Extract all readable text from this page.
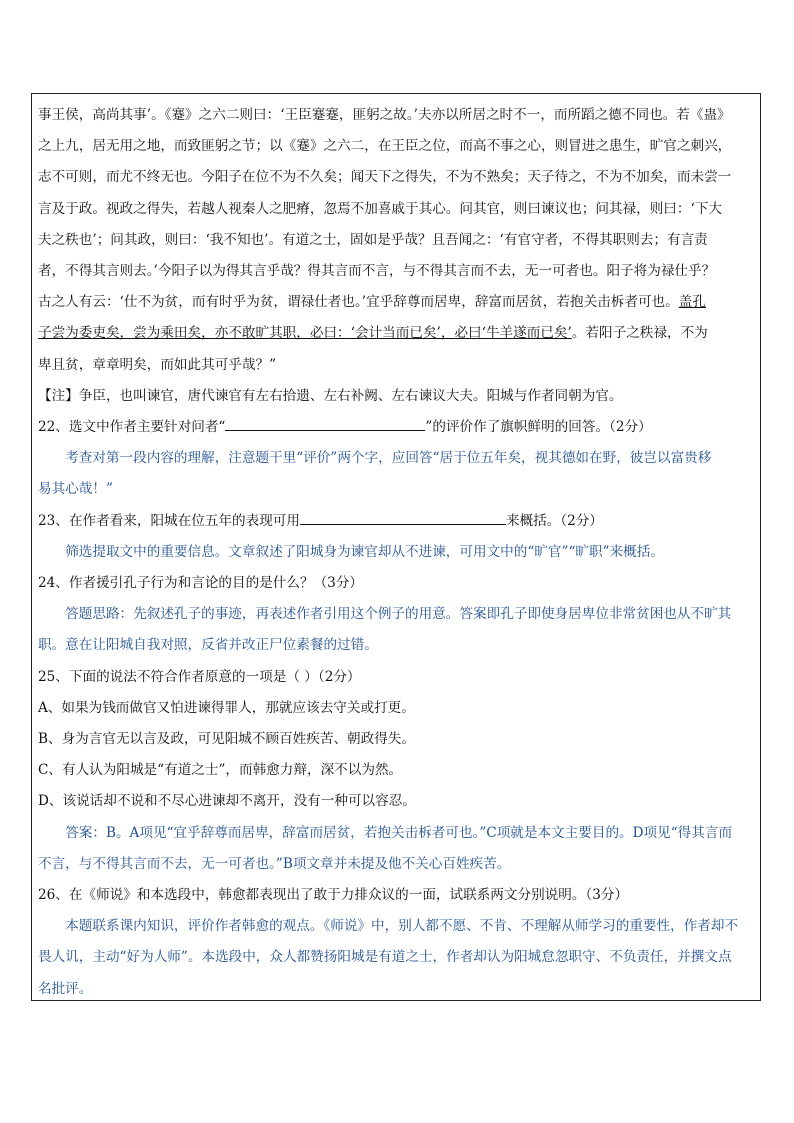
事王侯，高尚其事’。《蹇》之六二则曰：‘王臣蹇蹇，匪躬之故。’夫亦以所居之时不一，而所蹈之德不同也。若《蛊》

之上九，居无用之地，而致匪躬之节；以《蹇》之六二，在王臣之位，而高不事之心，则冒进之患生，旷官之刺兴，

志不可则，而尤不终无也。今阳子在位不为不久矣；闻天下之得失，不为不熟矣；天子待之，不为不加矣，而未尝一

言及于政。视政之得失，若越人视秦人之肥瘠，忽焉不加喜戚于其心。问其官，则曰谏议也；问其禄，则曰：‘下大

夫之秩也’；问其政，则曰：‘我不知也’。有道之士，固如是乎哉？且吾闻之：‘有官守者，不得其职则去；有言责

者，不得其言则去。’今阳子以为得其言乎哉？得其言而不言，与不得其言而不去，无一可者也。阳子将为禄仕乎？

古之人有云：‘仕不为贫，而有时乎为贫，谓禄仕者也。’宜乎辞尊而居卑，辞富而居贫，若抱关击柝者可也。盖孔

子尝为委吏矣，尝为乘田矣，亦不敢旷其职，必曰：‘会计当而已矣’，必曰‘牛羊遂而已矣’。若阳子之秩禄，不为

卑且贫，章章明矣，而如此其可乎哉？”

【注】争臣，也叫谏官，唐代谏官有左右拾遗、左右补阙、左右谏议大夫。阳城与作者同朝为官。

22、选文中作者主要针对问者“	”的评价作了旗帜鲜明的回答。（2分）

考查对第一段内容的理解，注意题干里“评价”两个字，应回答“居于位五年矣，视其德如在野，彼岂以富贵移

易其心哉！”

23、在作者看来，阳城在位五年的表现可用	来概括。（2分）

筛选提取文中的重要信息。文章叙述了阳城身为谏官却从不进谏，可用文中的“旷官”“旷职”来概括。

24、作者援引孔子行为和言论的目的是什么？（3分）

答题思路：先叙述孔子的事迹，再表述作者引用这个例子的用意。答案即孔子即使身居卑位非常贫困也从不旷其

职。意在让阳城自我对照，反省并改正尸位素餐的过错。

25、下面的说法不符合作者原意的一项是（ ）（2分）

A、如果为钱而做官又怕进谏得罪人，那就应该去守关或打更。

B、身为言官无以言及政，可见阳城不顾百姓疾苦、朝政得失。

C、有人认为阳城是“有道之士”，而韩愈力辩，深不以为然。

D、该说话却不说和不尽心进谏却不离开，没有一种可以容忍。

答案：B。A项见“宜乎辞尊而居卑，辞富而居贫，若抱关击柝者可也。”C项就是本文主要目的。D项见“得其言而

不言，与不得其言而不去，无一可者也。”B项文章并未提及他不关心百姓疾苦。

26、在《师说》和本选段中，韩愈都表现出了敢于力排众议的一面，试联系两文分别说明。（3分）

本题联系课内知识，评价作者韩愈的观点。《师说》中，别人都不愿、不肯、不理解从师学习的重要性，作者却不

畏人讥，主动“好为人师”。本选段中，众人都赞扬阳城是有道之士，作者却认为阳城怠忽职守、不负责任，并撰文点

名批评。
